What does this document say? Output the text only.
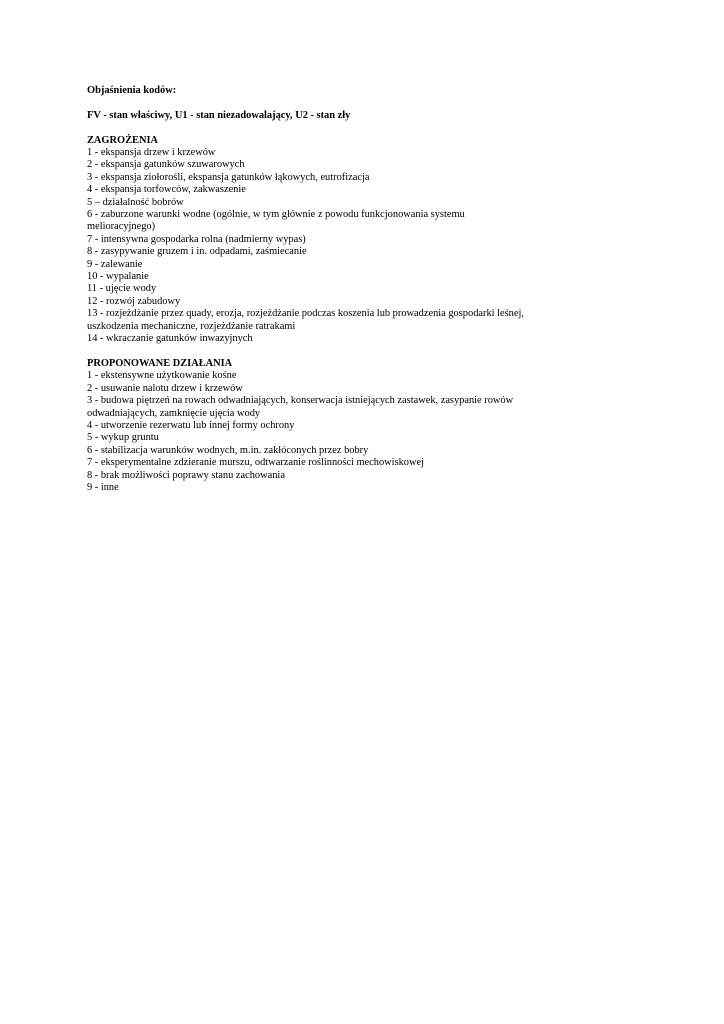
Objaśnienia kodów:

FV - stan właściwy, U1 - stan niezadowalający, U2 - stan zły

ZAGROŻENIA

1 - ekspansja drzew i krzewów
2 - ekspansja gatunków szuwarowych
3 - ekspansja ziołorośli, ekspansja gatunków łąkowych, eutrofizacja
4 - ekspansja torfowców, zakwaszenie
5 – działalność bobrów
6 - zaburzone warunki wodne (ogólnie, w tym głównie z powodu funkcjonowania systemu melioracyjnego)
7 - intensywna gospodarka rolna (nadmierny wypas)
8 - zasypywanie gruzem i in. odpadami, zaśmiecanie
9 - zalewanie
10 - wypalanie
11 - ujęcie wody
12 - rozwój zabudowy
13 - rozjeżdżanie przez quady, erozja, rozjeżdżanie podczas koszenia lub prowadzenia gospodarki leśnej, uszkodzenia mechaniczne, rozjeżdżanie ratrakami
14 - wkraczanie gatunków inwazyjnych

PROPONOWANE DZIAŁANIA

1 - ekstensywne użytkowanie kośne
2 - usuwanie nalotu drzew i krzewów
3 - budowa piętrzeń na rowach odwadniających, konserwacja istniejących zastawek, zasypanie rowów odwadniających, zamknięcie ujęcia wody
4 - utworzenie rezerwatu lub innej formy ochrony
5 - wykup gruntu
6 - stabilizacja warunków wodnych, m.in. zakłóconych przez bobry
7 - eksperymentalne zdzieranie murszu, odtwarzanie roślinności mechowiskowej
8 - brak możliwości poprawy stanu zachowania
9 - inne
